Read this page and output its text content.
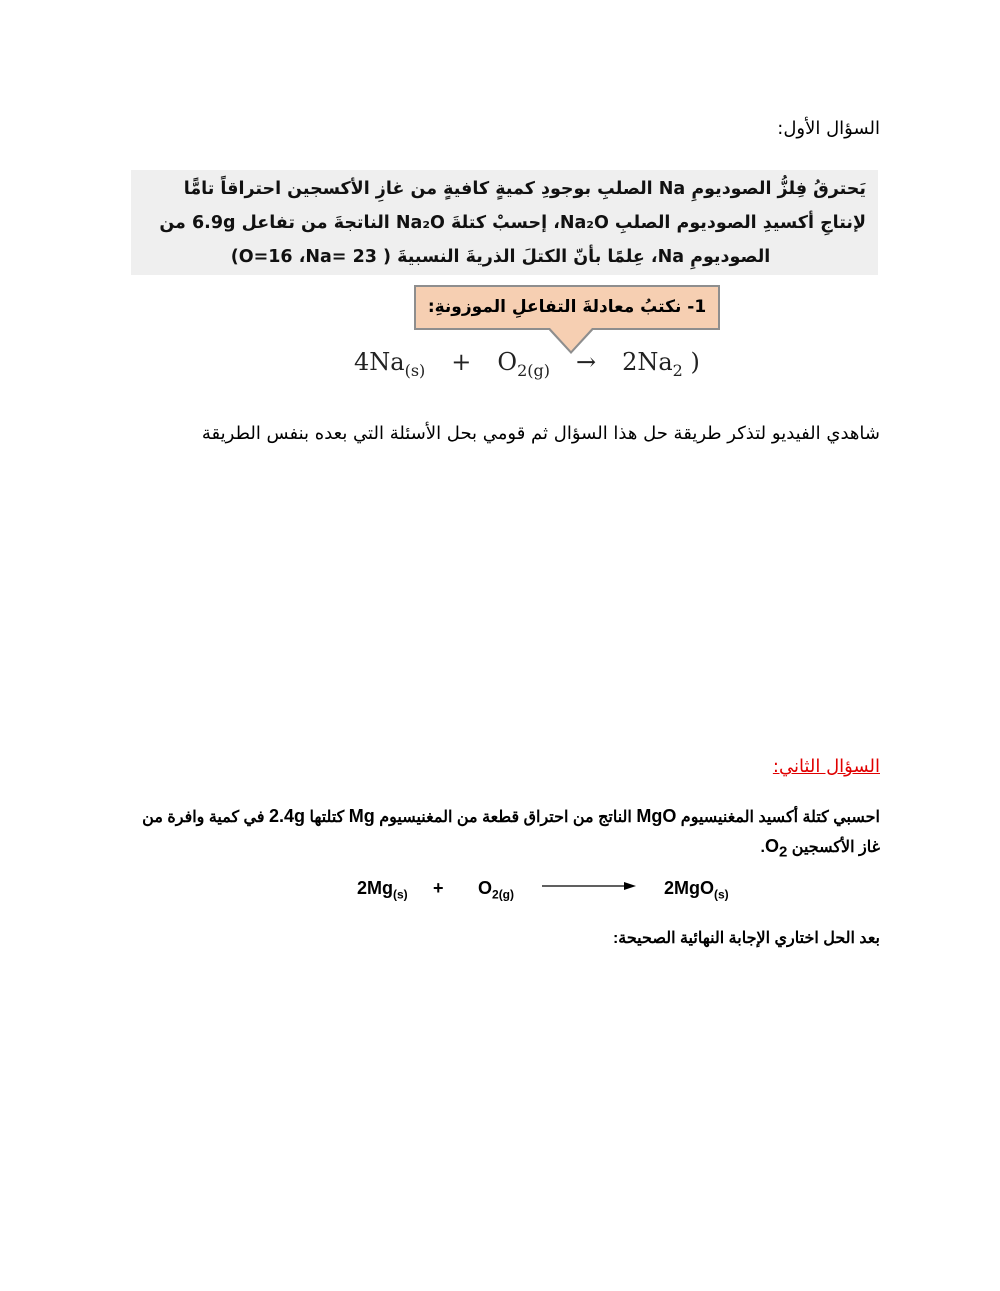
السؤال الأول:
يَحترقُ فِلزُّ الصوديومِ Na الصلبِ بوجودِ كميةٍ كافيةٍ من غازِ الأكسجين احتراقاً تامًّا
لإنتاجِ أكسيدِ الصوديوم الصلبِ Na₂O، إحسبْ كتلةَ Na₂O الناتجةَ من تفاعل 6.9g من
الصوديومِ Na، عِلمًا بأنّ الكتلَ الذريةَ النسبيةَ ( O=16 ،Na= 23)
1- نكتبُ معادلةَ التفاعلِ الموزونةِ:
$4Na_{(s)} + O_{2(g)} \to 2Na_2$ )
شاهدي الفيديو لتذكر طريقة حل هذا السؤال ثم قومي بحل الأسئلة التي بعده بنفس الطريقة
السؤال الثاني:
احسبي كتلة أكسيد المغنيسيوم MgO الناتج من احتراق قطعة من المغنيسيوم Mg كتلتها 2.4g في كمية وافرة من غاز الأكسجين $O_2$.
$2Mg_{(s)} + O_{2(g)}$	2MgO$_{(s)}$
بعد الحل اختاري الإجابة النهائية الصحيحة:
